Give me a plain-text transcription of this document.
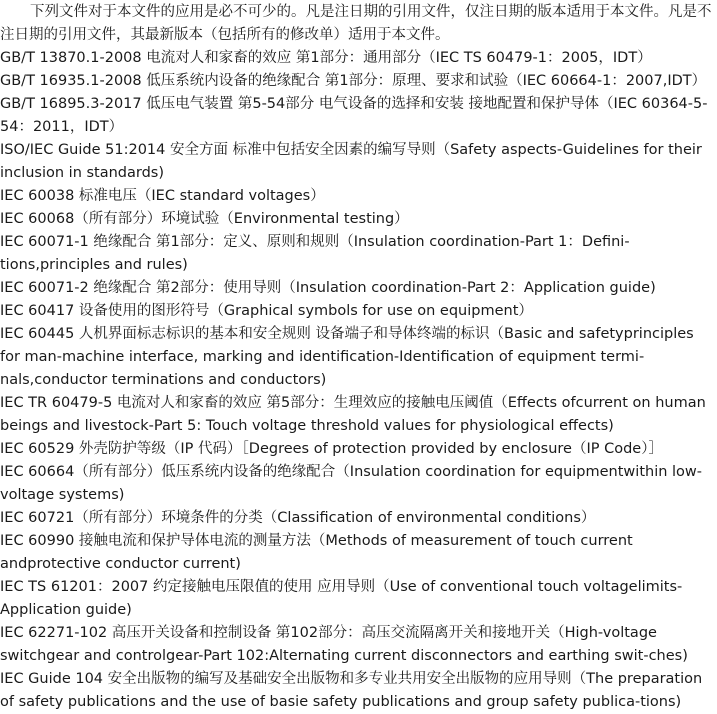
下列文件对于本文件的应用是必不可少的。凡是注日期的引用文件，仅注日期的版本适用于本文件。凡是不注日期的引用文件，其最新版本（包括所有的修改单）适用于本文件。

GB/T 13870.1-2008 电流对人和家畜的效应 第1部分：通用部分（IEC TS 60479-1：2005，IDT）
GB/T 16935.1-2008 低压系统内设备的绝缘配合 第1部分：原理、要求和试验（IEC 60664-1：2007,IDT）
GB/T 16895.3-2017 低压电气装置 第5-54部分 电气设备的选择和安装 接地配置和保护导体（IEC 60364-5-54：2011，IDT）
ISO/IEC Guide 51:2014 安全方面 标准中包括安全因素的编写导则（Safety aspects-Guidelines for their inclusion in standards)
IEC 60038 标准电压（IEC standard voltages）
IEC 60068（所有部分）环境试验（Environmental testing）
IEC 60071-1 绝缘配合 第1部分：定义、原则和规则（Insulation coordination-Part 1：Defini-tions,principles and rules)
IEC 60071-2 绝缘配合 第2部分：使用导则（Insulation coordination-Part 2：Application guide)
IEC 60417 设备使用的图形符号（Graphical symbols for use on equipment）
IEC 60445 人机界面标志标识的基本和安全规则 设备端子和导体终端的标识（Basic and safetyprinciples for man-machine interface, marking and identification-Identification of equipment termi-nals,conductor terminations and conductors)
IEC TR 60479-5 电流对人和家畜的效应 第5部分：生理效应的接触电压阈值（Effects ofcurrent on human beings and livestock-Part 5: Touch voltage threshold values for physiological effects)
IEC 60529 外壳防护等级（IP 代码）［Degrees of protection provided by enclosure（IP Code）］
IEC 60664（所有部分）低压系统内设备的绝缘配合（Insulation coordination for equipmentwithin low-voltage systems)
IEC 60721（所有部分）环境条件的分类（Classification of environmental conditions）
IEC 60990 接触电流和保护导体电流的测量方法（Methods of measurement of touch current andprotective conductor current)
IEC TS 61201：2007 约定接触电压限值的使用 应用导则（Use of conventional touch voltagelimits-Application guide)
IEC 62271-102 高压开关设备和控制设备 第102部分：高压交流隔离开关和接地开关（High-voltage switchgear and controlgear-Part 102:Alternating current disconnectors and earthing swit-ches)
IEC Guide 104 安全出版物的编写及基础安全出版物和多专业共用安全出版物的应用导则（The preparation of safety publications and the use of basie safety publications and group safety publica-tions)
